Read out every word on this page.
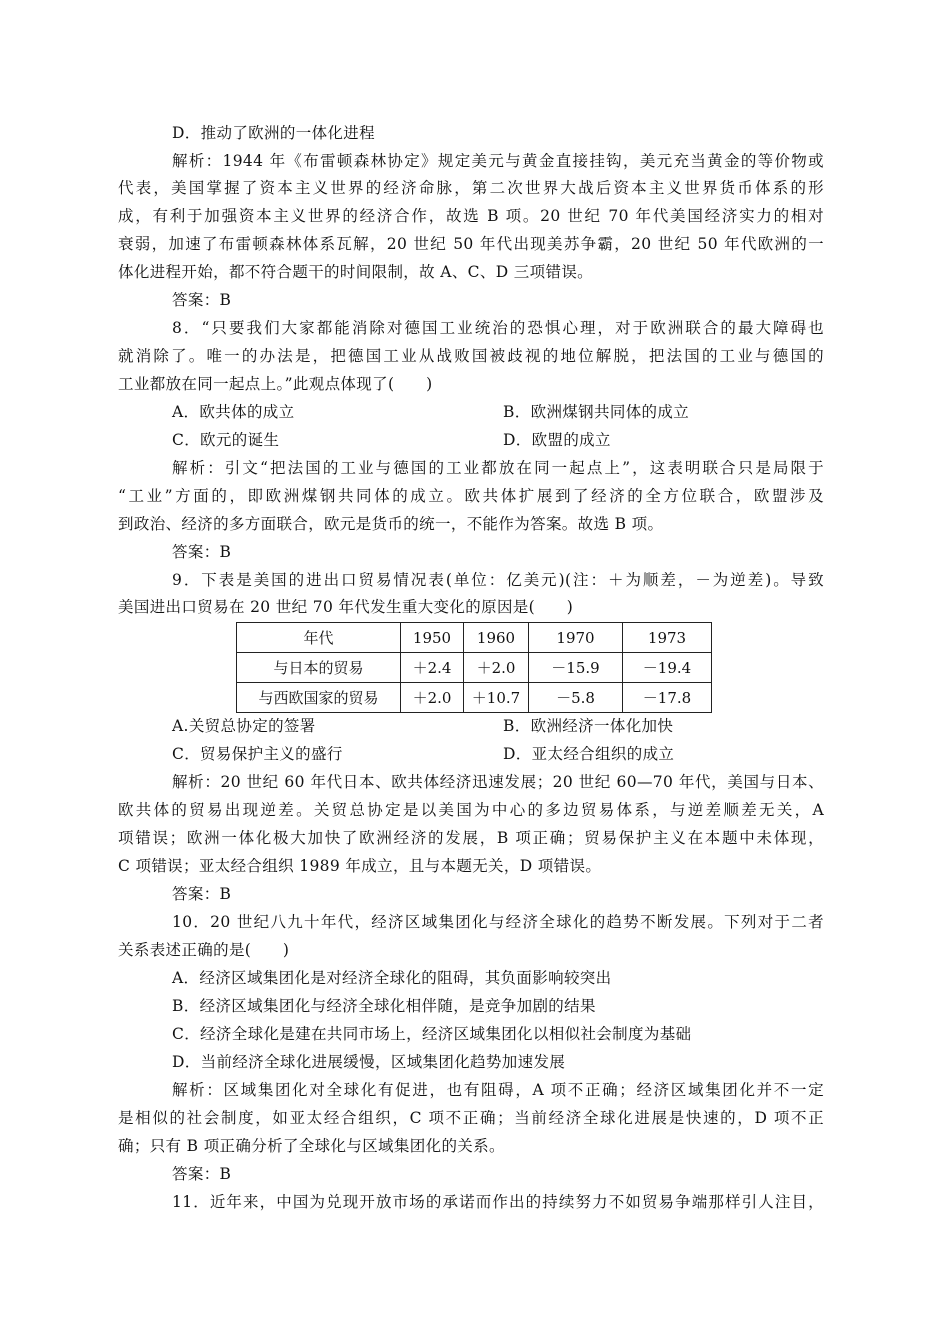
D．推动了欧洲的一体化进程
解析：1944 年《布雷顿森林协定》规定美元与黄金直接挂钩，美元充当黄金的等价物或
代表，美国掌握了资本主义世界的经济命脉，第二次世界大战后资本主义世界货币体系的形
成，有利于加强资本主义世界的经济合作，故选 B 项。20 世纪 70 年代美国经济实力的相对
衰弱，加速了布雷顿森林体系瓦解，20 世纪 50 年代出现美苏争霸，20 世纪 50 年代欧洲的一
体化进程开始，都不符合题干的时间限制，故 A、C、D 三项错误。
答案：B
8．“只要我们大家都能消除对德国工业统治的恐惧心理，对于欧洲联合的最大障碍也
就消除了。唯一的办法是，把德国工业从战败国被歧视的地位解脱，把法国的工业与德国的
工业都放在同一起点上。”此观点体现了(　　)
A．欧共体的成立	B．欧洲煤钢共同体的成立
C．欧元的诞生	D．欧盟的成立
解析：引文“把法国的工业与德国的工业都放在同一起点上”，这表明联合只是局限于
“工业”方面的，即欧洲煤钢共同体的成立。欧共体扩展到了经济的全方位联合，欧盟涉及
到政治、经济的多方面联合，欧元是货币的统一，不能作为答案。故选 B 项。
答案：B
9．下表是美国的进出口贸易情况表(单位：亿美元)(注：＋为顺差，－为逆差)。导致
美国进出口贸易在 20 世纪 70 年代发生重大变化的原因是(　　)
年代	1950	1960	1970	1973
与日本的贸易	＋2.4	＋2.0	－15.9	－19.4
与西欧国家的贸易	＋2.0	＋10.7	－5.8	－17.8
A.关贸总协定的签署	B．欧洲经济一体化加快
C．贸易保护主义的盛行	D．亚太经合组织的成立
解析：20 世纪 60 年代日本、欧共体经济迅速发展；20 世纪 60—70 年代，美国与日本、
欧共体的贸易出现逆差。关贸总协定是以美国为中心的多边贸易体系，与逆差顺差无关，A
项错误；欧洲一体化极大加快了欧洲经济的发展，B 项正确；贸易保护主义在本题中未体现，
C 项错误；亚太经合组织 1989 年成立，且与本题无关，D 项错误。
答案：B
10．20 世纪八九十年代，经济区域集团化与经济全球化的趋势不断发展。下列对于二者
关系表述正确的是(　　)
A．经济区域集团化是对经济全球化的阻碍，其负面影响较突出
B．经济区域集团化与经济全球化相伴随，是竞争加剧的结果
C．经济全球化是建在共同市场上，经济区域集团化以相似社会制度为基础
D．当前经济全球化进展缓慢，区域集团化趋势加速发展
解析：区域集团化对全球化有促进，也有阻碍，A 项不正确；经济区域集团化并不一定
是相似的社会制度，如亚太经合组织，C 项不正确；当前经济全球化进展是快速的，D 项不正
确；只有 B 项正确分析了全球化与区域集团化的关系。
答案：B
11．近年来，中国为兑现开放市场的承诺而作出的持续努力不如贸易争端那样引人注目，
